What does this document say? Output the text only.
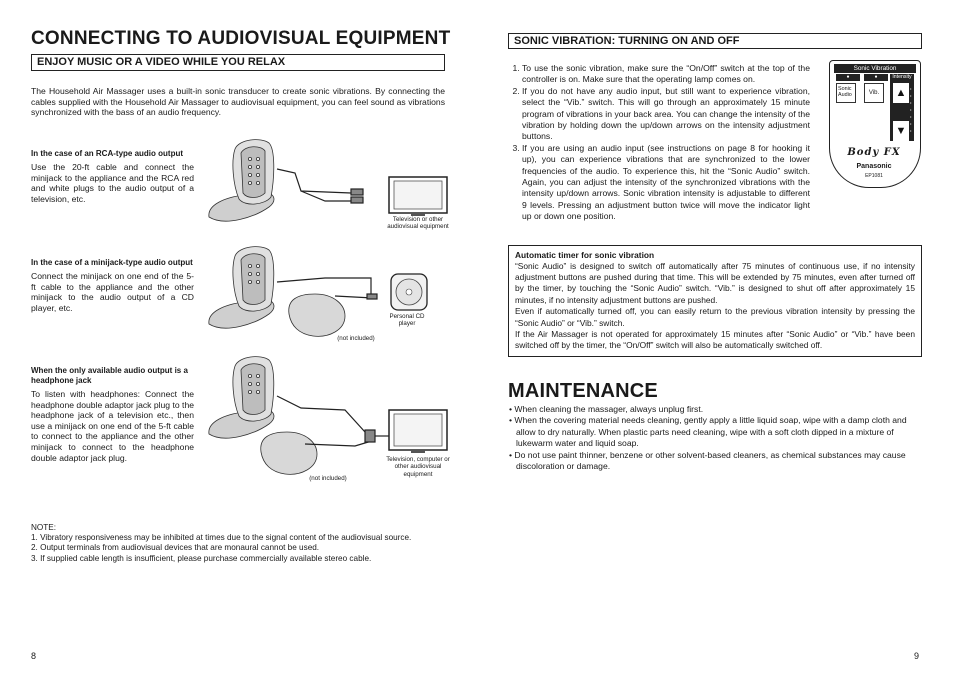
CONNECTING TO AUDIOVISUAL EQUIPMENT
ENJOY MUSIC OR A VIDEO WHILE YOU RELAX
The Household Air Massager uses a built-in sonic transducer to create sonic vibrations. By connecting the cables supplied with the Household Air Massager to audiovisual equipment, you can feel sound as vibrations synchronized with the bass of an audio frequency.
In the case of an RCA-type audio output
Use the 20-ft cable and connect the minijack to the appliance and the RCA red and white plugs to the audio output of a television, etc.
In the case of a minijack-type audio output
Connect the minijack on one end of the 5-ft cable to the appliance and the other minijack to the audio output of a CD player, etc.
When the only available audio output is a headphone jack
To listen with headphones: Connect the headphone double adaptor jack plug to the headphone jack of a television etc., then use a minijack on one end of the 5-ft cable to connect to the appliance and the other minijack to connect to the headphone double adaptor jack plug.
Television or other audiovisual equipment
Personal CD player
(not included)
Television, computer or other audiovisual equipment
(not included)
NOTE:
1. Vibratory responsiveness may be inhibited at times due to the signal content of the audiovisual source.
2. Output terminals from audiovisual devices that are monaural cannot be used.
3. If supplied cable length is insufficient, please purchase commercially available stereo cable.
8
SONIC VIBRATION: TURNING ON AND OFF
1. To use the sonic vibration, make sure the “On/Off” switch at the top of the controller is on. Make sure that the operating lamp comes on.
2. If you do not have any audio input, but still want to experience vibration, select the “Vib.” switch. This will go through an approximately 15 minute program of vibrations in your back area. You can change the intensity of the vibration by holding down the up/down arrows on the intensity adjustment buttons.
3. If you are using an audio input (see instructions on page 8 for hooking it up), you can experience vibrations that are synchronized to the lower frequencies of the audio. To experience this, hit the “Sonic Audio” switch. Again, you can adjust the intensity of the synchronized vibrations with the intensity up/down arrows. Sonic vibration intensity is adjustable to different 9 levels. Pressing an adjustment button twice will move the indicator light up or down one position.
Sonic Vibration
●	●	Intensity
Sonic Audio	Vib.	▲
▼
•
•
•
•
•
•
•
Body FX
Panasonic
EP1081
Automatic timer for sonic vibration
“Sonic Audio” is designed to switch off automatically after 75 minutes of continuous use, if no intensity adjustment buttons are pushed during that time. This will be extended by 75 minutes, even after turned off by the timer, by touching the “Sonic Audio” switch. “Vib.” is designed to shut off after approximately 15 minutes, if no intensity adjustment buttons are pushed.
Even if automatically turned off, you can easily return to the previous vibration intensity by pressing the “Sonic Audio” or “Vib.” switch.
If the Air Massager is not operated for approximately 15 minutes after “Sonic Audio” or “Vib.” have been switched off by the timer, the “On/Off” switch will also be automatically switched off.
MAINTENANCE
• When cleaning the massager, always unplug first.
• When the covering material needs cleaning, gently apply a little liquid soap, wipe with a damp cloth and allow to dry naturally. When plastic parts need cleaning, wipe with a soft cloth dipped in a mixture of lukewarm water and liquid soap.
• Do not use paint thinner, benzene or other solvent-based cleaners, as chemical substances may cause discoloration or damage.
9
